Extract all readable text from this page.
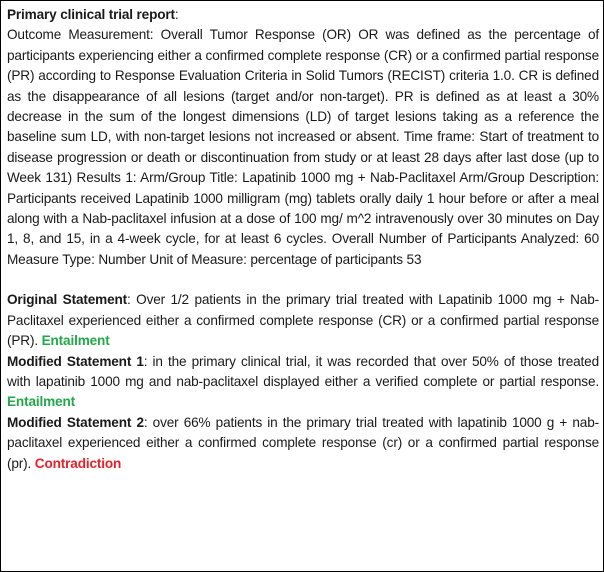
Primary clinical trial report:

Outcome Measurement: Overall Tumor Response (OR) OR was defined as the percentage of participants experiencing either a confirmed complete response (CR) or a confirmed partial response (PR) according to Response Evaluation Criteria in Solid Tumors (RECIST) criteria 1.0. CR is defined as the disappearance of all lesions (target and/or non-target). PR is defined as at least a 30% decrease in the sum of the longest dimensions (LD) of target lesions taking as a reference the baseline sum LD, with non-target lesions not increased or absent. Time frame: Start of treatment to disease progression or death or discontinuation from study or at least 28 days after last dose (up to Week 131) Results 1: Arm/Group Title: Lapatinib 1000 mg + Nab-Paclitaxel Arm/Group Description: Participants received Lapatinib 1000 milligram (mg) tablets orally daily 1 hour before or after a meal along with a Nab-paclitaxel infusion at a dose of 100 mg/ m^2 intravenously over 30 minutes on Day 1, 8, and 15, in a 4-week cycle, for at least 6 cycles. Overall Number of Participants Analyzed: 60 Measure Type: Number Unit of Measure: percentage of participants 53

Original Statement: Over 1/2 patients in the primary trial treated with Lapatinib 1000 mg + Nab-Paclitaxel experienced either a confirmed complete response (CR) or a confirmed partial response (PR). Entailment

Modified Statement 1: in the primary clinical trial, it was recorded that over 50% of those treated with lapatinib 1000 mg and nab-paclitaxel displayed either a verified complete or partial response. Entailment

Modified Statement 2: over 66% patients in the primary trial treated with lapatinib 1000 g + nab-paclitaxel experienced either a confirmed complete response (cr) or a confirmed partial response (pr). Contradiction
